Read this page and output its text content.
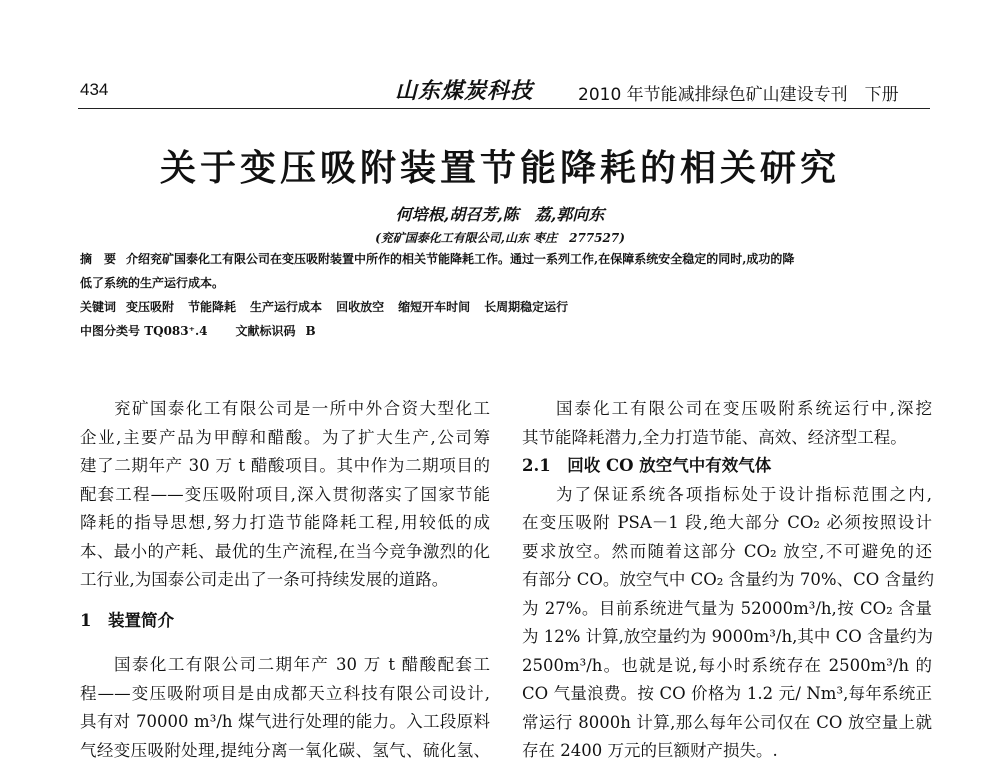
434	山东煤炭科技	2010 年节能减排绿色矿山建设专刊　下册
关于变压吸附装置节能降耗的相关研究
何培根,胡召芳,陈　荔,郭向东
(兖矿国泰化工有限公司,山东 枣庄　277527)
摘　要 介绍兖矿国泰化工有限公司在变压吸附装置中所作的相关节能降耗工作。通过一系列工作,在保障系统安全稳定的同时,成功的降
低了系统的生产运行成本。
关键词 变压吸附 节能降耗 生产运行成本 回收放空 缩短开车时间 长周期稳定运行
中图分类号 TQ083⁺.4 文献标识码 B
兖矿国泰化工有限公司是一所中外合资大型化工
企业,主要产品为甲醇和醋酸。为了扩大生产,公司筹
建了二期年产 30 万 t 醋酸项目。其中作为二期项目的
配套工程——变压吸附项目,深入贯彻落实了国家节能
降耗的指导思想,努力打造节能降耗工程,用较低的成
本、最小的产耗、最优的生产流程,在当今竞争激烈的化
工行业,为国泰公司走出了一条可持续发展的道路。
1　装置简介
国泰化工有限公司二期年产 30 万 t 醋酸配套工
程——变压吸附项目是由成都天立科技有限公司设计,
具有对 70000 m³/h 煤气进行处理的能力。入工段原料
气经变压吸附处理,提纯分离一氧化碳、氢气、硫化氢、
国泰化工有限公司在变压吸附系统运行中,深挖
其节能降耗潜力,全力打造节能、高效、经济型工程。
2.1　回收 CO 放空气中有效气体
为了保证系统各项指标处于设计指标范围之内,
在变压吸附 PSA－1 段,绝大部分 CO₂ 必须按照设计
要求放空。然而随着这部分 CO₂ 放空,不可避免的还
有部分 CO。放空气中 CO₂ 含量约为 70%、CO 含量约
为 27%。目前系统进气量为 52000m³/h,按 CO₂ 含量
为 12% 计算,放空量约为 9000m³/h,其中 CO 含量约为
2500m³/h。也就是说,每小时系统存在 2500m³/h 的
CO 气量浪费。按 CO 价格为 1.2 元/ Nm³,每年系统正
常运行 8000h 计算,那么每年公司仅在 CO 放空量上就
存在 2400 万元的巨额财产损失。.
